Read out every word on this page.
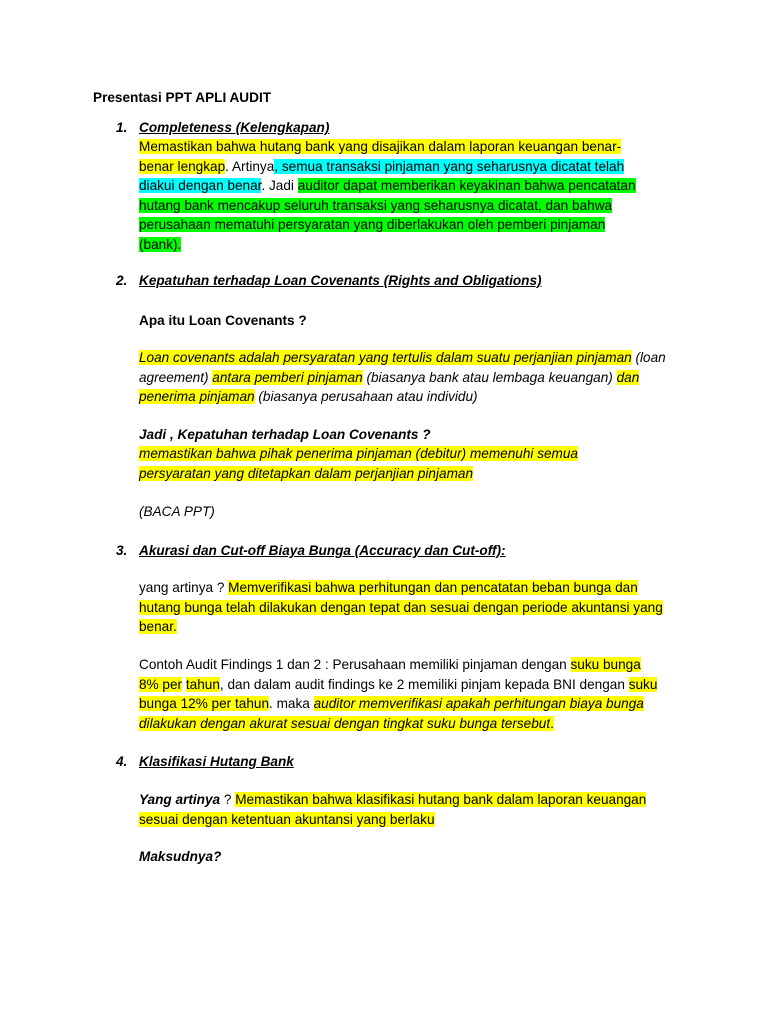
Presentasi PPT APLI AUDIT
1. Completeness (Kelengkapan)
Memastikan bahwa hutang bank yang disajikan dalam laporan keuangan benar-benar lengkap. Artinya, semua transaksi pinjaman yang seharusnya dicatat telah diakui dengan benar. Jadi auditor dapat memberikan keyakinan bahwa pencatatan hutang bank mencakup seluruh transaksi yang seharusnya dicatat, dan bahwa perusahaan mematuhi persyaratan yang diberlakukan oleh pemberi pinjaman (bank).
2. Kepatuhan terhadap Loan Covenants (Rights and Obligations)
Apa itu Loan Covenants ?
Loan covenants adalah persyaratan yang tertulis dalam suatu perjanjian pinjaman (loan agreement) antara pemberi pinjaman (biasanya bank atau lembaga keuangan) dan penerima pinjaman (biasanya perusahaan atau individu)
Jadi , Kepatuhan terhadap Loan Covenants ?
memastikan bahwa pihak penerima pinjaman (debitur) memenuhi semua persyaratan yang ditetapkan dalam perjanjian pinjaman
(BACA PPT)
3. Akurasi dan Cut-off Biaya Bunga (Accuracy dan Cut-off):
yang artinya ? Memverifikasi bahwa perhitungan dan pencatatan beban bunga dan hutang bunga telah dilakukan dengan tepat dan sesuai dengan periode akuntansi yang benar.
Contoh Audit Findings 1 dan 2 : Perusahaan memiliki pinjaman dengan suku bunga 8% per tahun, dan dalam audit findings ke 2 memiliki pinjam kepada BNI dengan suku bunga 12% per tahun. maka auditor memverifikasi apakah perhitungan biaya bunga dilakukan dengan akurat sesuai dengan tingkat suku bunga tersebut.
4. Klasifikasi Hutang Bank
Yang artinya ? Memastikan bahwa klasifikasi hutang bank dalam laporan keuangan sesuai dengan ketentuan akuntansi yang berlaku
Maksudnya?
